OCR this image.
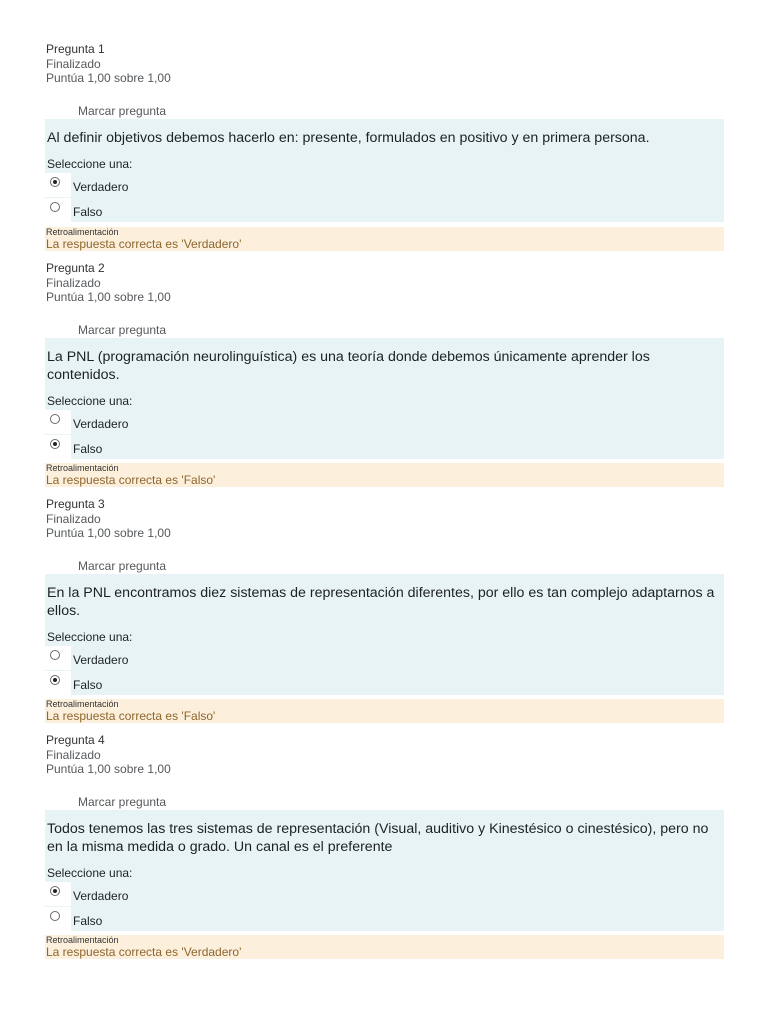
Pregunta 1
Finalizado
Puntúa 1,00 sobre 1,00
Marcar pregunta
Al definir objetivos debemos hacerlo en: presente, formulados en positivo y en primera persona.
Seleccione una:
Verdadero
Falso
Retroalimentación
La respuesta correcta es 'Verdadero'
Pregunta 2
Finalizado
Puntúa 1,00 sobre 1,00
Marcar pregunta
La PNL (programación neurolinguística) es una teoría donde debemos únicamente aprender los contenidos.
Seleccione una:
Verdadero
Falso
Retroalimentación
La respuesta correcta es 'Falso'
Pregunta 3
Finalizado
Puntúa 1,00 sobre 1,00
Marcar pregunta
En la PNL encontramos diez sistemas de representación diferentes, por ello es tan complejo adaptarnos a ellos.
Seleccione una:
Verdadero
Falso
Retroalimentación
La respuesta correcta es 'Falso'
Pregunta 4
Finalizado
Puntúa 1,00 sobre 1,00
Marcar pregunta
Todos tenemos las tres sistemas de representación (Visual, auditivo y Kinestésico o cinestésico), pero no en la misma medida o grado. Un canal es el preferente
Seleccione una:
Verdadero
Falso
Retroalimentación
La respuesta correcta es 'Verdadero'
